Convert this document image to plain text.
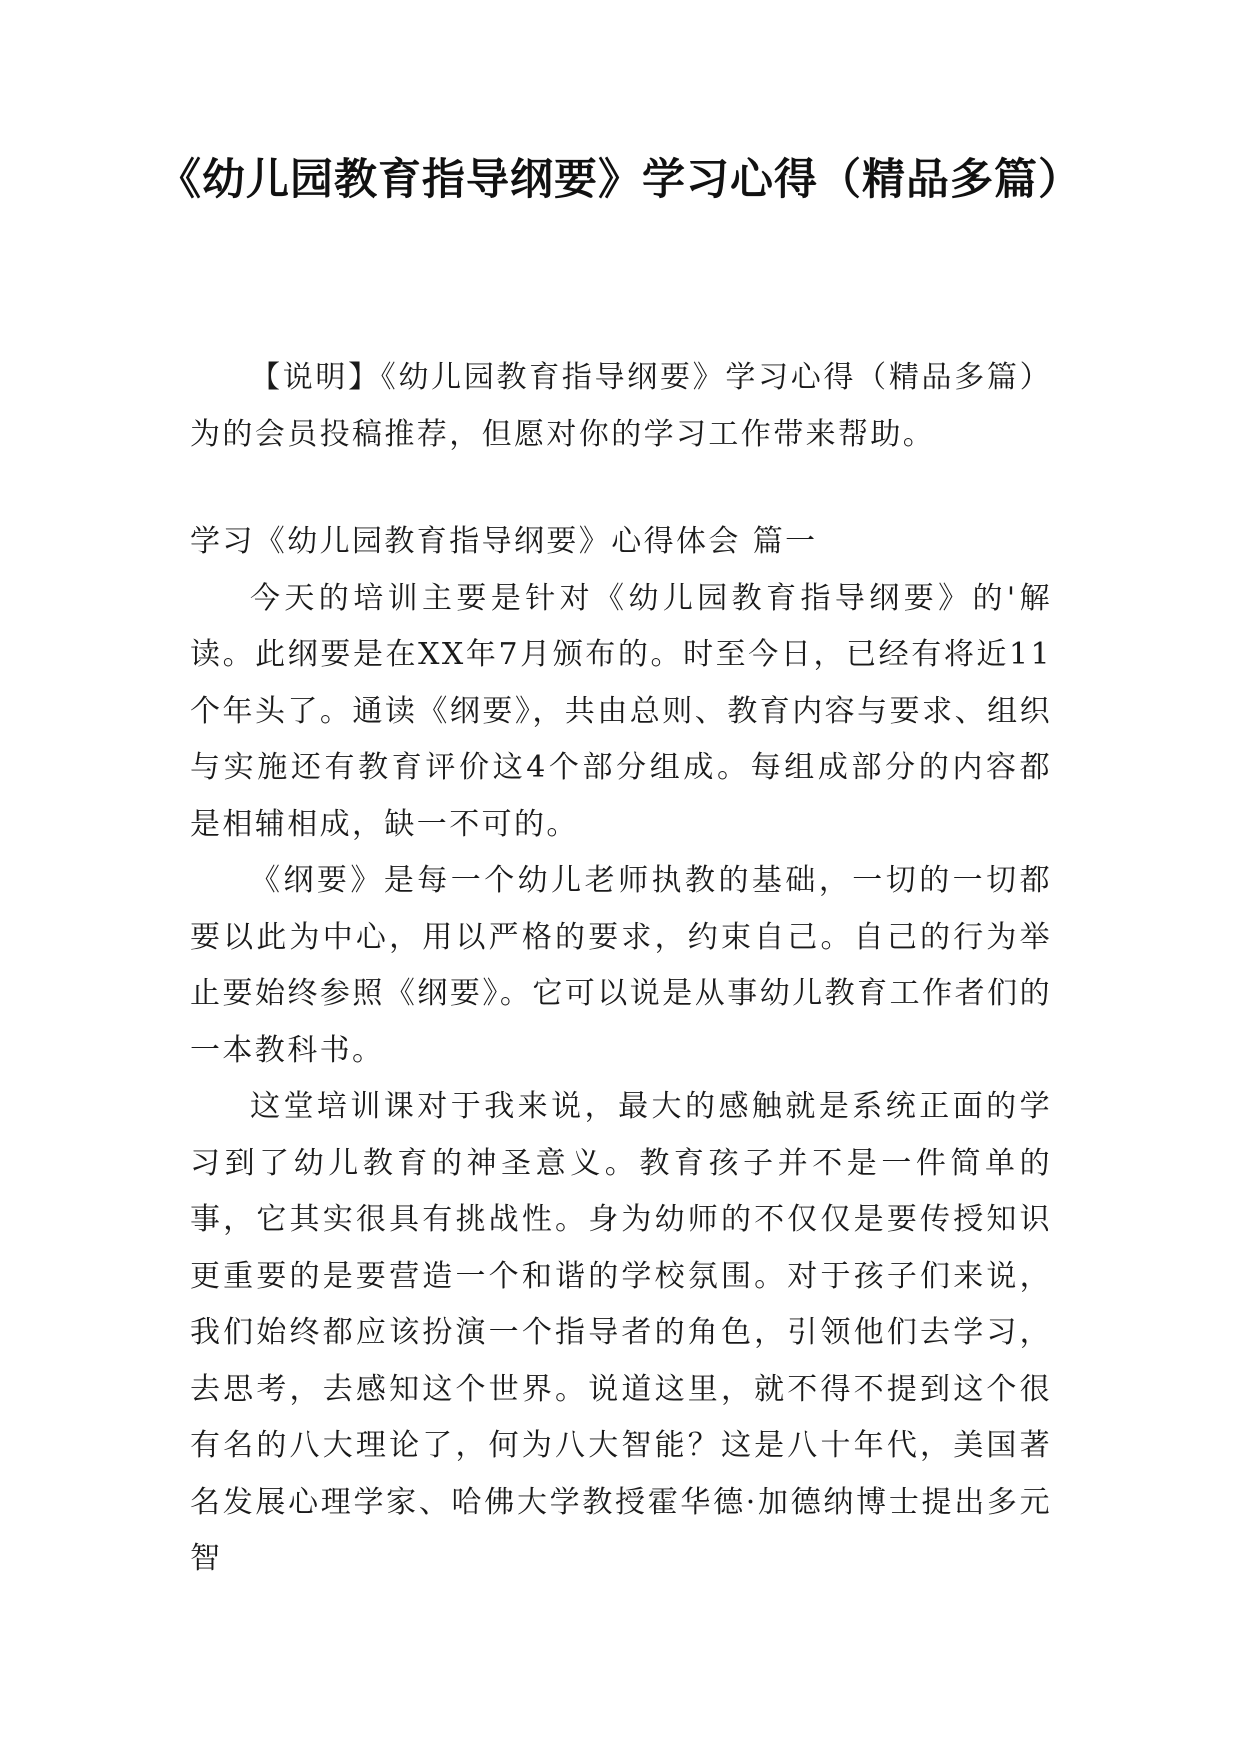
《幼儿园教育指导纲要》学习心得（精品多篇）

【说明】《幼儿园教育指导纲要》学习心得（精品多篇）为的会员投稿推荐，但愿对你的学习工作带来帮助。

学习《幼儿园教育指导纲要》心得体会 篇一

今天的培训主要是针对《幼儿园教育指导纲要》的'解读。此纲要是在XX年7月颁布的。时至今日，已经有将近11个年头了。通读《纲要》，共由总则、教育内容与要求、组织与实施还有教育评价这4个部分组成。每组成部分的内容都是相辅相成，缺一不可的。

《纲要》是每一个幼儿老师执教的基础，一切的一切都要以此为中心，用以严格的要求，约束自己。自己的行为举止要始终参照《纲要》。它可以说是从事幼儿教育工作者们的一本教科书。

这堂培训课对于我来说，最大的感触就是系统正面的学习到了幼儿教育的神圣意义。教育孩子并不是一件简单的事，它其实很具有挑战性。身为幼师的不仅仅是要传授知识更重要的是要营造一个和谐的学校氛围。对于孩子们来说，我们始终都应该扮演一个指导者的角色，引领他们去学习，去思考，去感知这个世界。说道这里，就不得不提到这个很有名的八大理论了，何为八大智能？这是八十年代，美国著名发展心理学家、哈佛大学教授霍华德·加德纳博士提出多元智
